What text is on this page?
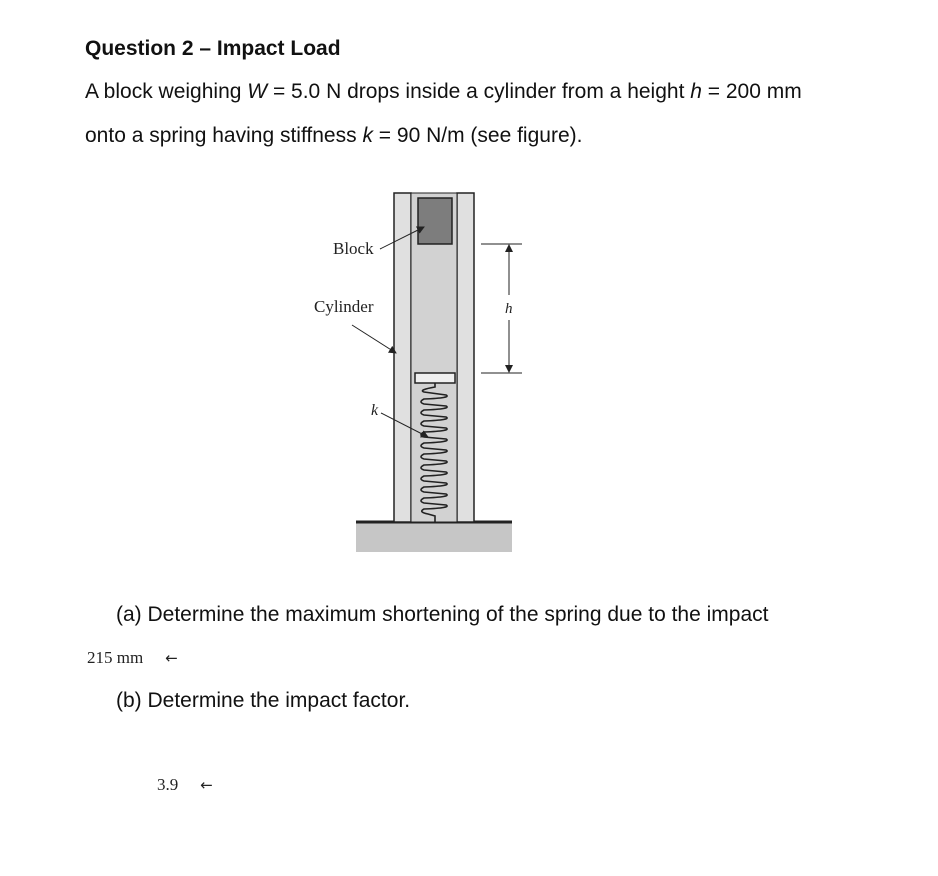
Question 2 – Impact Load

A block weighing W = 5.0 N drops inside a cylinder from a height h = 200 mm

onto a spring having stiffness k = 90 N/m (see figure).

Block
Cylinder
k
h

(a) Determine the maximum shortening of the spring due to the impact

215 mm ←

(b) Determine the impact factor.

3.9 ←
